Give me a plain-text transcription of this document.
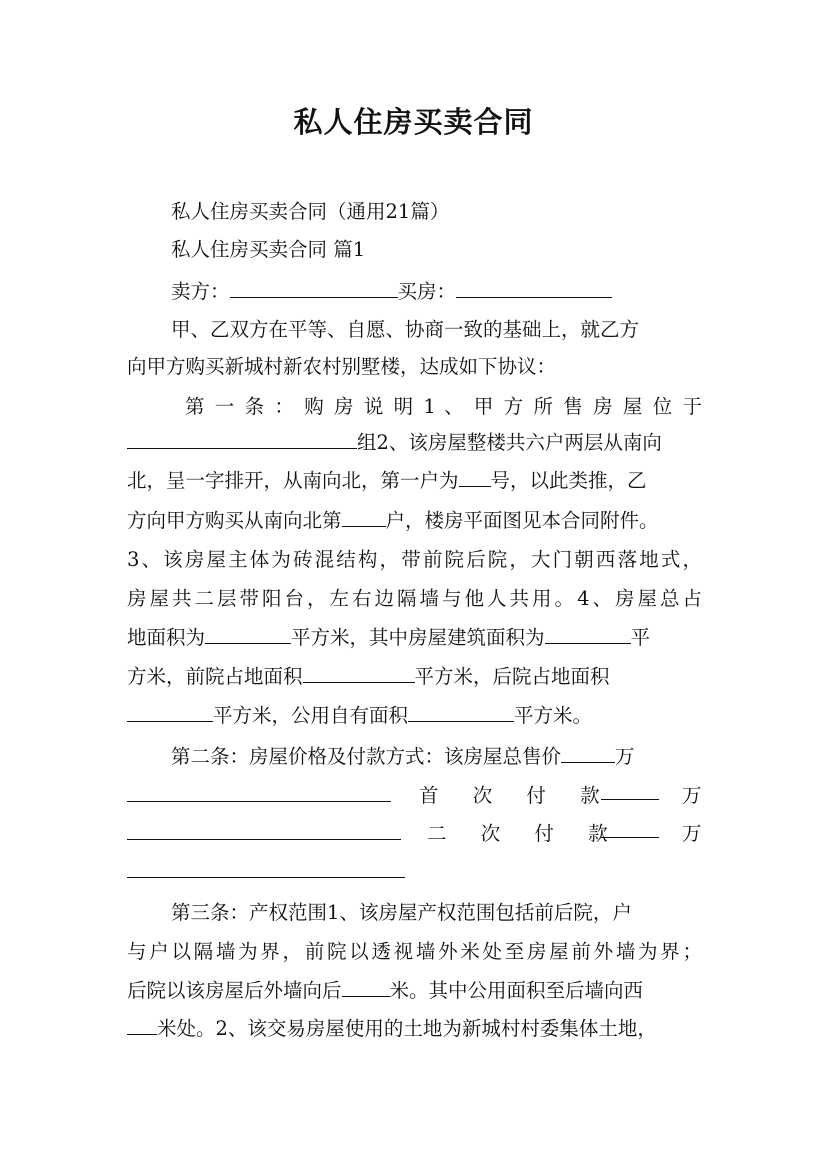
私人住房买卖合同
私人住房买卖合同（通用21篇）
私人住房买卖合同 篇1
卖方：	买房：
甲、乙双方在平等、自愿、协商一致的基础上，就乙方
向甲方购买新城村新农村别墅楼，达成如下协议：
第 一 条 ： 购 房 说 明 1 、 甲 方 所 售 房 屋 位 于
组2、该房屋整楼共六户两层从南向
北，呈一字排开，从南向北，第一户为 号，以此类推，乙
方向甲方购买从南向北第 户，楼房平面图见本合同附件。
3、该房屋主体为砖混结构，带前院后院，大门朝西落地式，
房屋共二层带阳台，左右边隔墙与他人共用。4、房屋总占
地面积为	平方米，其中房屋建筑面积为	平
方米，前院占地面积	平方米，后院占地面积
平方米，公用自有面积	平方米。
第二条：房屋价格及付款方式：该房屋总售价	万
首 次 付 款	万
二 次 付 款	万
第三条：产权范围1、该房屋产权范围包括前后院，户
与户以隔墙为界，前院以透视墙外米处至房屋前外墙为界；
后院以该房屋后外墙向后 米。其中公用面积至后墙向西
米处。2、该交易房屋使用的土地为新城村村委集体土地，
